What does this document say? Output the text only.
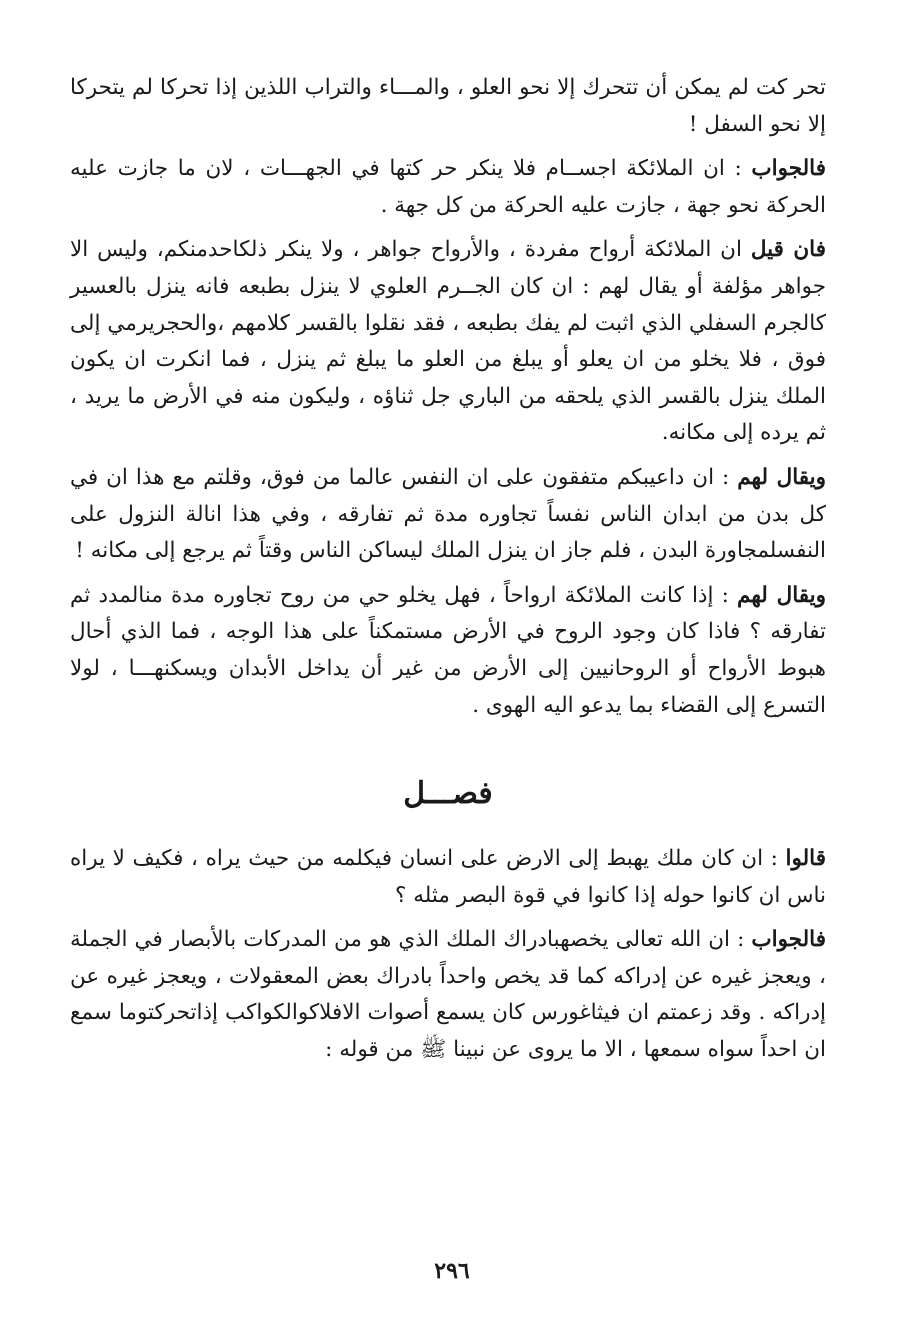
تحر كت لم يمكن أن تتحرك إلا نحو العلو ، والمـــاء والتراب اللذين إذا تحركا لم يتحركا إلا نحو السفل !

فالجواب : ان الملائكة اجســام فلا ينكر حر كتها في الجهـــات ، لان ما جازت عليه الحركة نحو جهة ، جازت عليه الحركة من كل جهة .

فان قيل ان الملائكة أرواح مفردة ، والأرواح جواهر ، ولا ينكر ذلكاحدمنكم، وليس الا جواهر مؤلفة أو يقال لهم : ان كان الجــرم العلوي لا ينزل بطبعه فانه ينزل بالعسير كالجرم السفلي الذي اثبت لم يفك بطبعه ، فقد نقلوا بالقسر كلامهم ،والحجريرمي إلى فوق ، فلا يخلو من ان يعلو أو يبلغ من العلو ما يبلغ ثم ينزل ، فما انكرت ان يكون الملك ينزل بالقسر الذي يلحقه من الباري جل ثناؤه ، وليكون منه في الأرض ما يريد ، ثم يرده إلى مكانه.

ويقال لهم : ان داعيبكم متفقون على ان النفس عالما من فوق، وقلتم مع هذا ان في كل بدن من ابدان الناس نفساً تجاوره مدة ثم تفارقه ، وفي هذا انالة النزول على النفسلمجاورة البدن ، فلم جاز ان ينزل الملك ليساكن الناس وقتاً ثم يرجع إلى مكانه !

ويقال لهم : إذا كانت الملائكة ارواحاً ، فهل يخلو حي من روح تجاوره مدة منالمدد ثم تفارقه ؟ فاذا كان وجود الروح في الأرض مستمكناً على هذا الوجه ، فما الذي أحال هبوط الأرواح أو الروحانيين إلى الأرض من غير أن يداخل الأبدان ويسكنهـــا ، لولا التسرع إلى القضاء بما يدعو اليه الهوى .

فصـــل

قالوا : ان كان ملك يهبط إلى الارض على انسان فيكلمه من حيث يراه ، فكيف لا يراه ناس ان كانوا حوله إذا كانوا في قوة البصر مثله ؟

فالجواب : ان الله تعالى يخصهبادراك الملك الذي هو من المدركات بالأبصار في الجملة ، ويعجز غيره عن إدراكه كما قد يخص واحداً بادراك بعض المعقولات ، ويعجز غيره عن إدراكه . وقد زعمتم ان فيثاغورس كان يسمع أصوات الافلاكوالكواكب إذاتحركتوما سمع ان احداً سواه سمعها ، الا ما يروى عن نبينا ﷺ من قوله :

٢٩٦
